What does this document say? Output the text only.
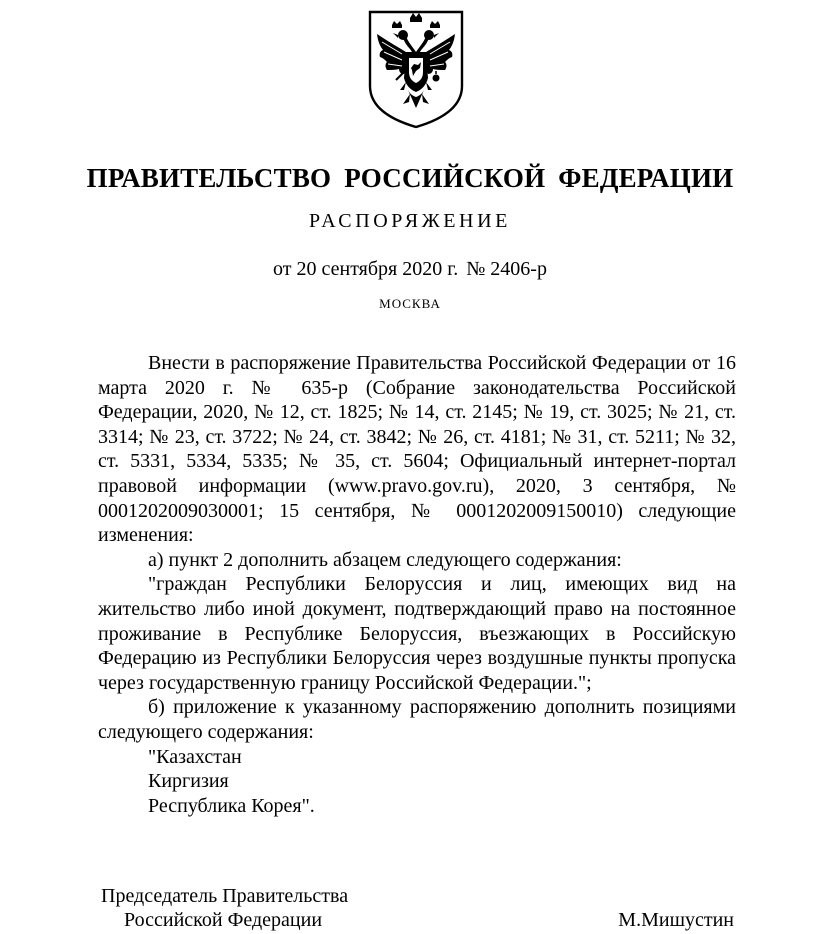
ПРАВИТЕЛЬСТВО РОССИЙСКОЙ ФЕДЕРАЦИИ
РАСПОРЯЖЕНИЕ
от 20 сентября 2020 г. № 2406-р
МОСКВА

Внести в распоряжение Правительства Российской Федерации от 16 марта 2020 г. № 635-р (Собрание законодательства Российской Федерации, 2020, № 12, ст. 1825; № 14, ст. 2145; № 19, ст. 3025; № 21, ст. 3314; № 23, ст. 3722; № 24, ст. 3842; № 26, ст. 4181; № 31, ст. 5211; № 32, ст. 5331, 5334, 5335; № 35, ст. 5604; Официальный интернет-портал правовой информации (www.pravo.gov.ru), 2020, 3 сентября, № 0001202009030001; 15 сентября, № 0001202009150010) следующие изменения:

а) пункт 2 дополнить абзацем следующего содержания:

"граждан Республики Белоруссия и лиц, имеющих вид на жительство либо иной документ, подтверждающий право на постоянное проживание в Республике Белоруссия, въезжающих в Российскую Федерацию из Республики Белоруссия через воздушные пункты пропуска через государственную границу Российской Федерации.";

б) приложение к указанному распоряжению дополнить позициями следующего содержания:

"Казахстан

Киргизия

Республика Корея".

Председатель Правительства
Российской Федерации	М.Мишустин
